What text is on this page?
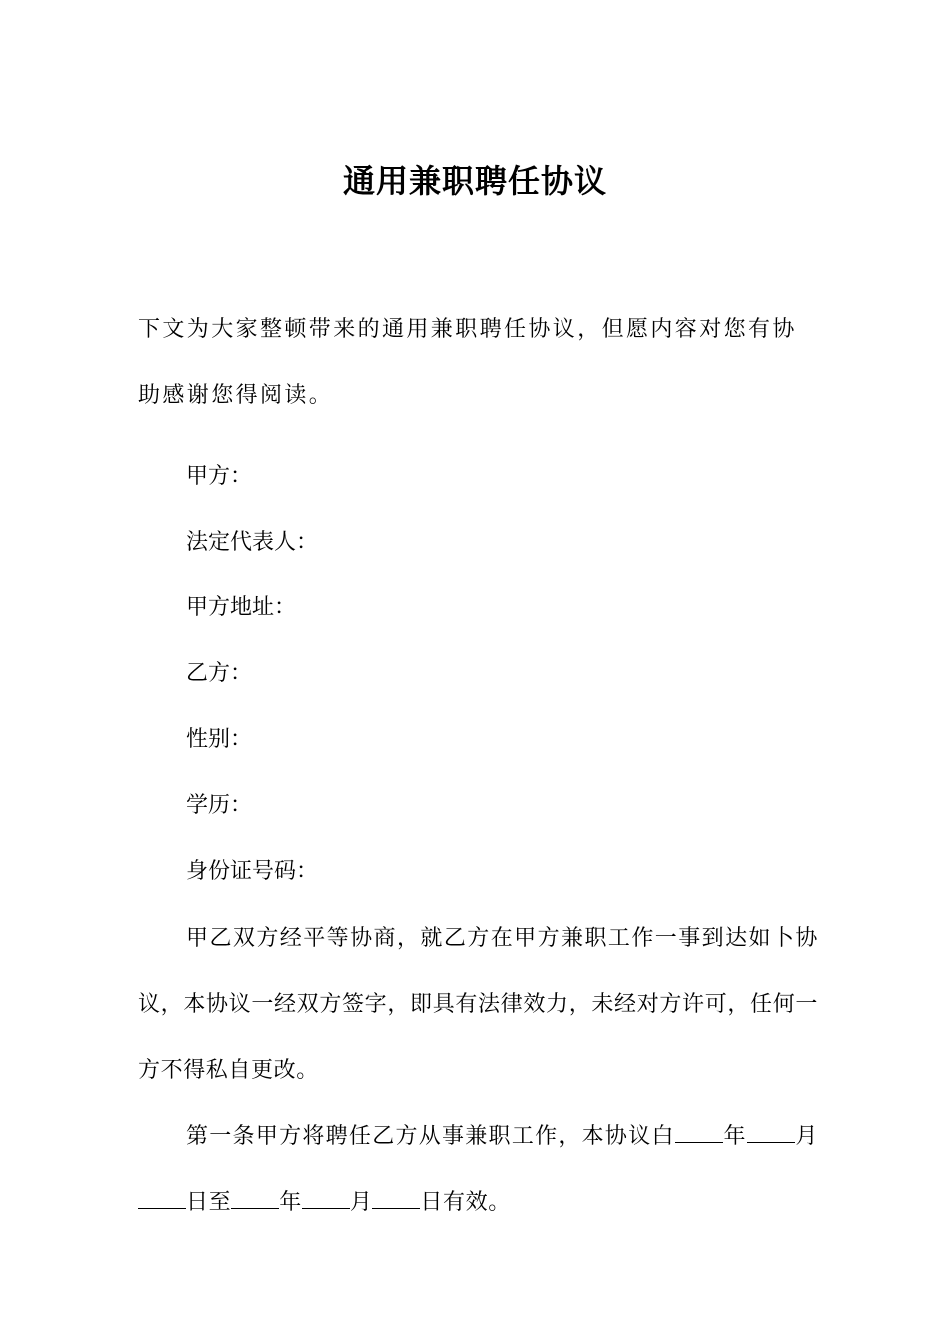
通用兼职聘任协议

下文为大家整顿带来的通用兼职聘任协议，但愿内容对您有协助感谢您得阅读。

甲方：

法定代表人：

甲方地址：

乙方：

性别：

学历：

身份证号码：

甲乙双方经平等协商，就乙方在甲方兼职工作一事到达如卜协议，本协议一经双方签字，即具有法律效力，未经对方许可，任何一方不得私自更改。

第一条甲方将聘任乙方从事兼职工作，本协议白 年 月日至 年 月 日有效。
